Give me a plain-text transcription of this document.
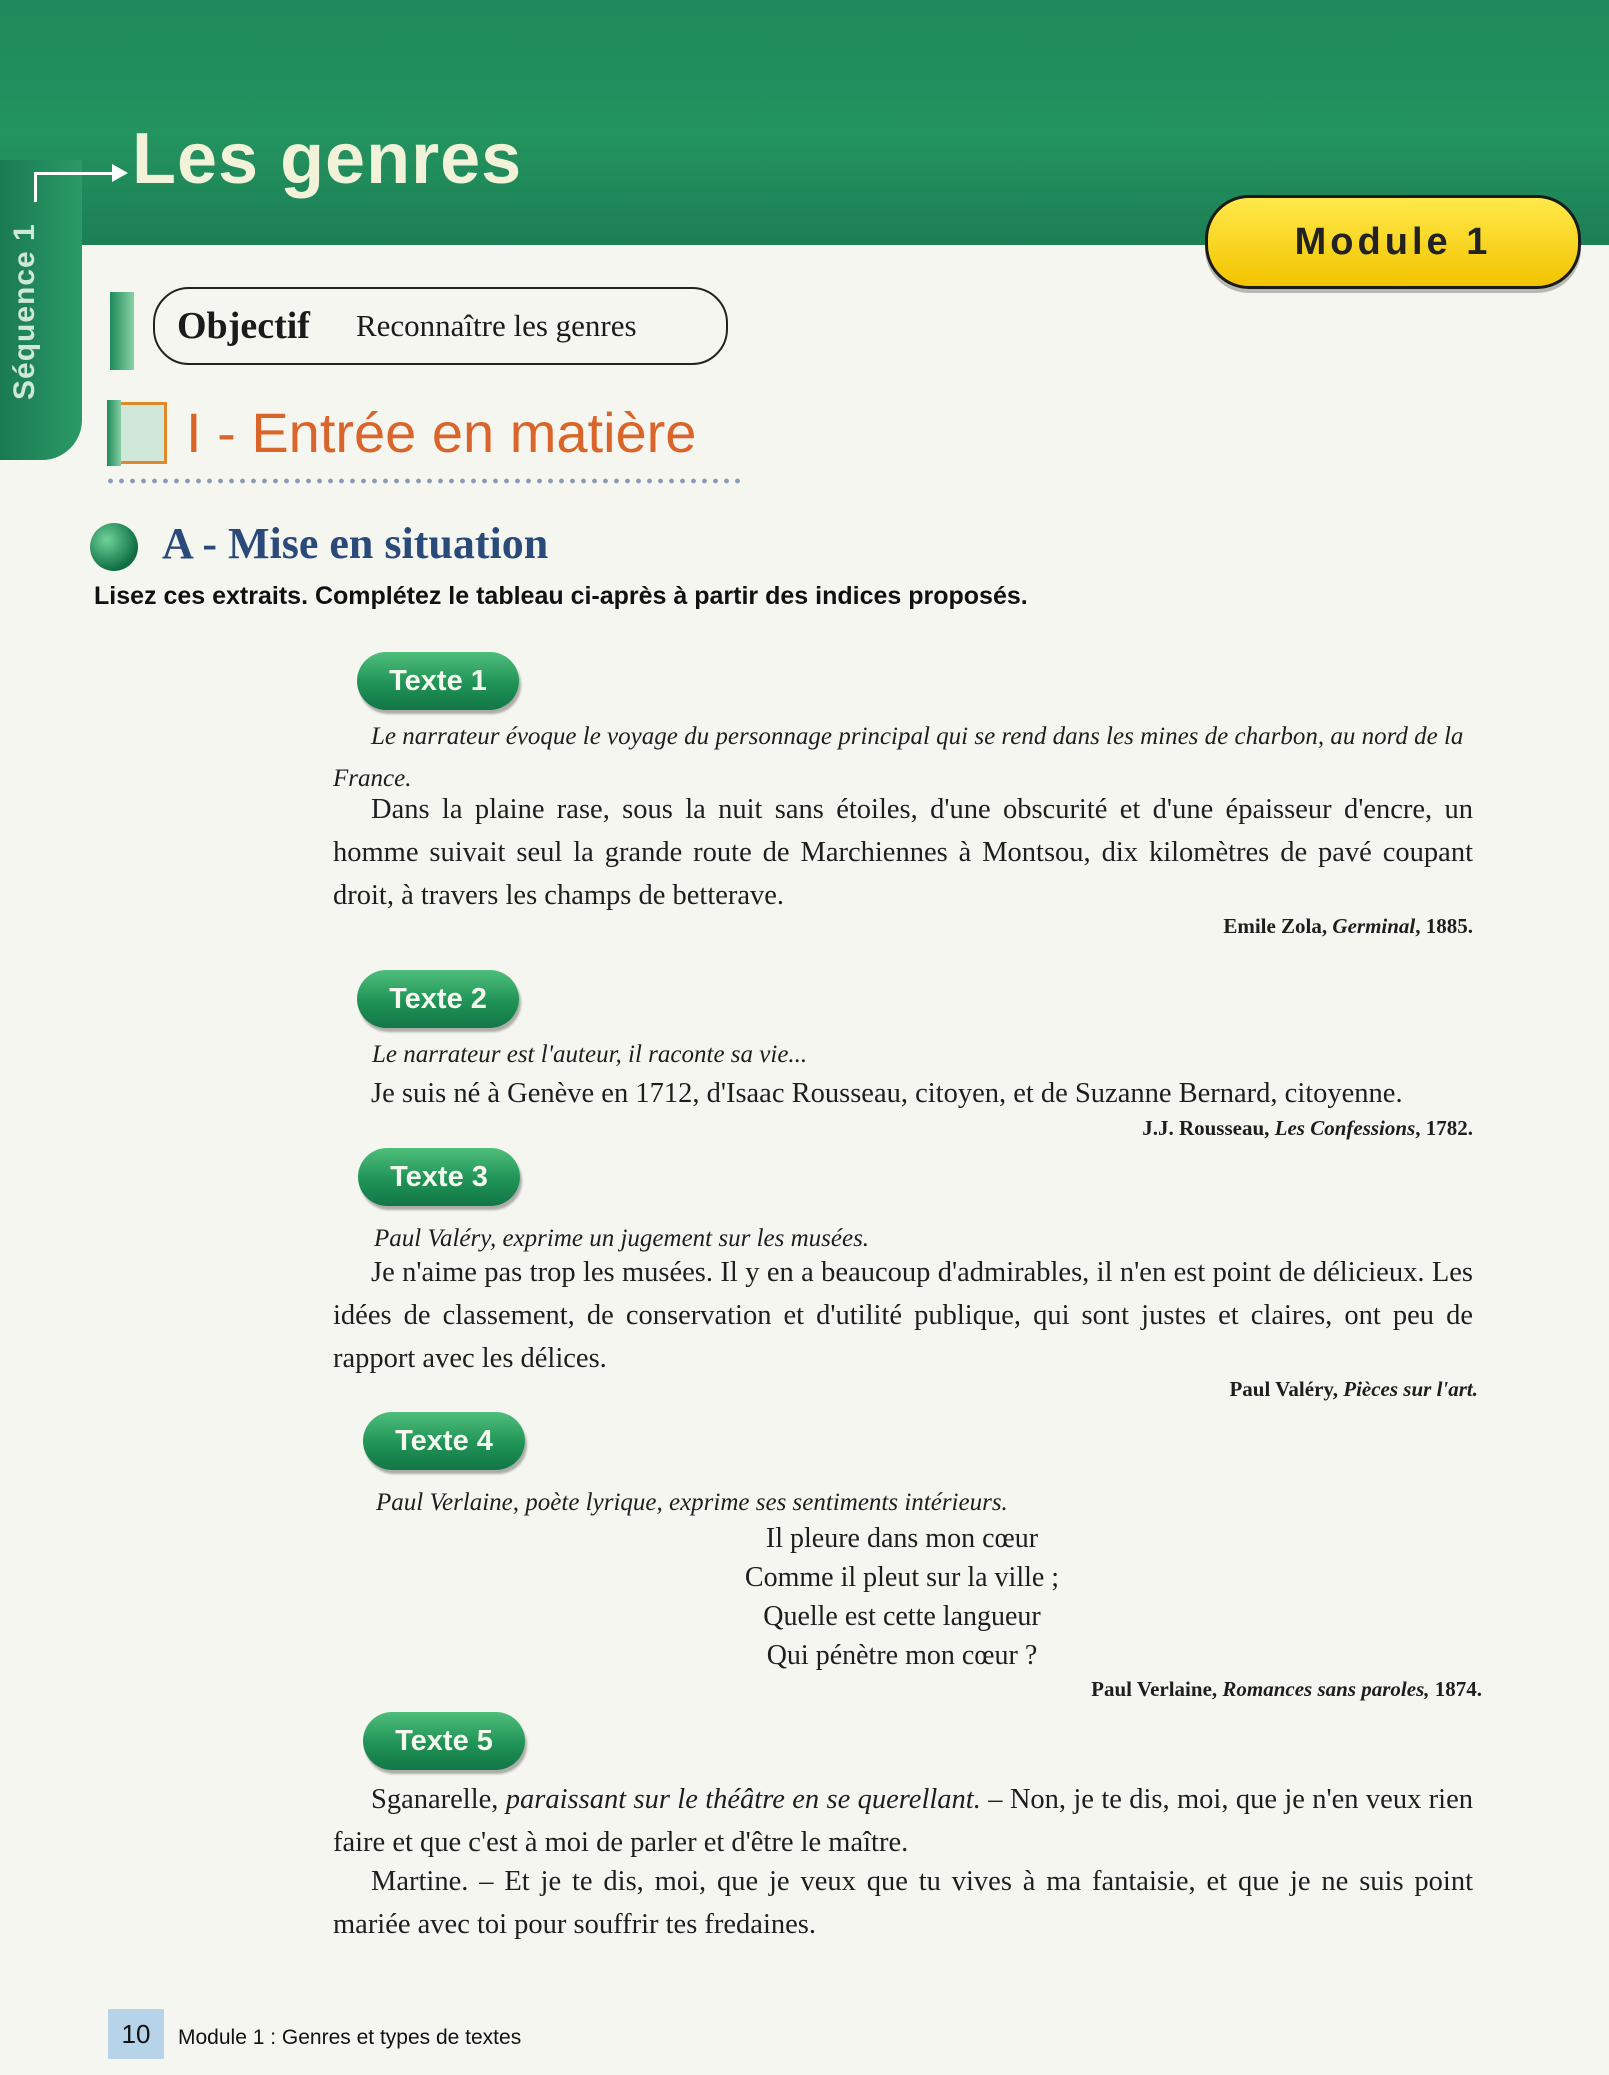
Séquence 1
Les genres
Module 1
Objectif Reconnaître les genres
I - Entrée en matière
A - Mise en situation
Lisez ces extraits. Complétez le tableau ci-après à partir des indices proposés.
Texte 1
Le narrateur évoque le voyage du personnage principal qui se rend dans les mines de charbon, au nord de la France.
Dans la plaine rase, sous la nuit sans étoiles, d'une obscurité et d'une épaisseur d'encre, un homme suivait seul la grande route de Marchiennes à Montsou, dix kilomètres de pavé coupant droit, à travers les champs de betterave.
Emile Zola, Germinal, 1885.
Texte 2
Le narrateur est l'auteur, il raconte sa vie...
Je suis né à Genève en 1712, d'Isaac Rousseau, citoyen, et de Suzanne Bernard, citoyenne.
J.J. Rousseau, Les Confessions, 1782.
Texte 3
Paul Valéry, exprime un jugement sur les musées.
Je n'aime pas trop les musées. Il y en a beaucoup d'admirables, il n'en est point de délicieux. Les idées de classement, de conservation et d'utilité publique, qui sont justes et claires, ont peu de rapport avec les délices.
Paul Valéry, Pièces sur l'art.
Texte 4
Paul Verlaine, poète lyrique, exprime ses sentiments intérieurs.
Il pleure dans mon cœur
Comme il pleut sur la ville ;
Quelle est cette langueur
Qui pénètre mon cœur ?
Paul Verlaine, Romances sans paroles, 1874.
Texte 5
Sganarelle, paraissant sur le théâtre en se querellant. – Non, je te dis, moi, que je n'en veux rien faire et que c'est à moi de parler et d'être le maître.
Martine. – Et je te dis, moi, que je veux que tu vives à ma fantaisie, et que je ne suis point mariée avec toi pour souffrir tes fredaines.
10	Module 1 : Genres et types de textes
